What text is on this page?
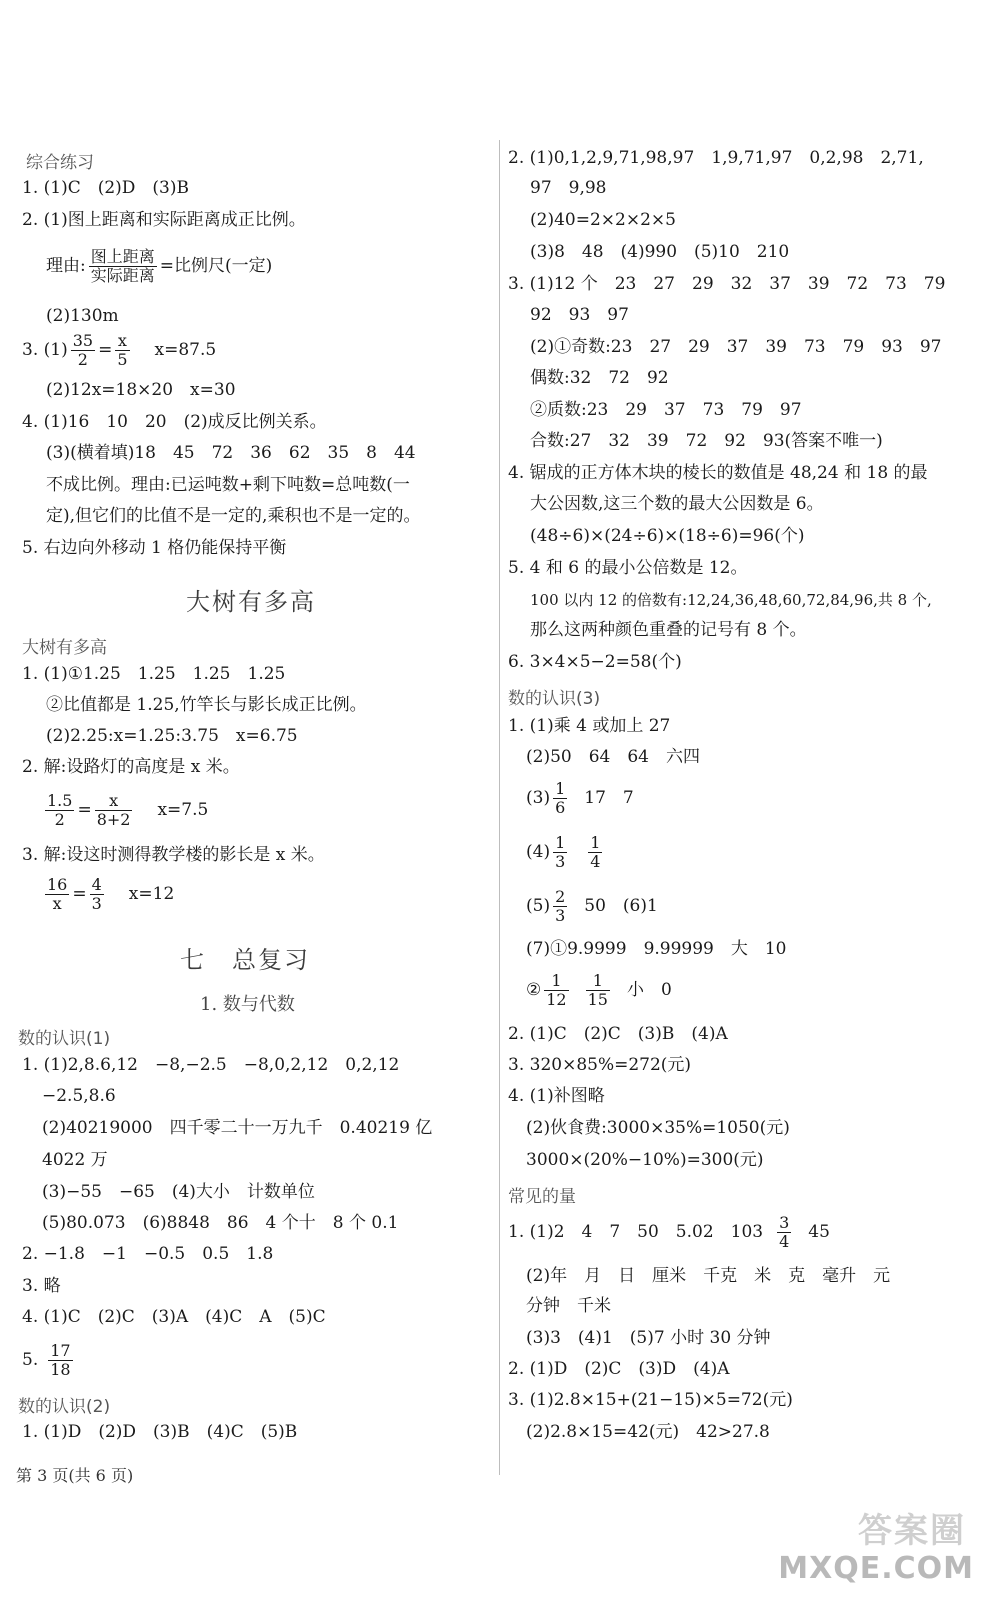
综合练习
1. (1)C　(2)D　(3)B
2. (1)图上距离和实际距离成正比例。
理由: $\frac{\text{图上距离}}{\text{实际距离}}$ =比例尺(一定)
(2)130m
3. $(1) \frac{35}{2} = \frac{x}{5} x=87.5$
(2)12x=18×20　x=30
4. (1)16　10　20　(2)成反比例关系。
(3)(横着填)18　45　72　36　62　35　8　44
不成比例。理由:已运吨数+剩下吨数=总吨数(一
定),但它们的比值不是一定的,乘积也不是一定的。
5. 右边向外移动 1 格仍能保持平衡
大树有多高
大树有多高
1. (1)①1.25　1.25　1.25　1.25
②比值都是 1.25,竹竿长与影长成正比例。
(2)2.25:x=1.25:3.75　x=6.75
2. 解:设路灯的高度是 x 米。
$\frac{1.5}{2} = \frac{x}{8+2} x=7.5$
3. 解:设这时测得教学楼的影长是 x 米。
$\frac{16}{x} = \frac{4}{3} x=12$
七　总复习
1. 数与代数
数的认识(1)
1. (1)2,8.6,12　−8,−2.5　−8,0,2,12　0,2,12
−2.5,8.6
(2)40219000　四千零二十一万九千　0.40219 亿
4022 万
(3)−55　−65　(4)大小　计数单位
(5)80.073　(6)8848　86　4 个十　8 个 0.1
2. −1.8　−1　−0.5　0.5　1.8
3. 略
4. (1)C　(2)C　(3)A　(4)C　A　(5)C
5. $\frac{17}{18}$
数的认识(2)
1. (1)D　(2)D　(3)B　(4)C　(5)B
2. (1)0,1,2,9,71,98,97　1,9,71,97　0,2,98　2,71,
97　9,98
(2)40=2×2×2×5
(3)8　48　(4)990　(5)10　210
3. (1)12 个　23　27　29　32　37　39　72　73　79
92　93　97
(2)①奇数:23　27　29　37　39　73　79　93　97
偶数:32　72　92
②质数:23　29　37　73　79　97
合数:27　32　39　72　92　93(答案不唯一)
4. 锯成的正方体木块的棱长的数值是 48,24 和 18 的最
大公因数,这三个数的最大公因数是 6。
(48÷6)×(24÷6)×(18÷6)=96(个)
5. 4 和 6 的最小公倍数是 12。
100 以内 12 的倍数有:12,24,36,48,60,72,84,96,共 8 个,
那么这两种颜色重叠的记号有 8 个。
6. 3×4×5−2=58(个)
数的认识(3)
1. (1)乘 4 或加上 27
(2)50　64　64　六四
$(3) \frac{1}{6} 17$　7
$(4) \frac{1}{3} \frac{1}{4}$
$(5) \frac{2}{3} 50$　(6)1
(7)①9.9999　9.99999　大　10
② $\frac{1}{12} \frac{1}{15}$ 小　0
2. (1)C　(2)C　(3)B　(4)A
3. 320×85%=272(元)
4. (1)补图略
(2)伙食费:3000×35%=1050(元)
3000×(20%−10%)=300(元)
常见的量
1. (1)2　4　7　50　5.02　$103 \frac{3}{4} 45$
(2)年　月　日　厘米　千克　米　克　毫升　元
分钟　千米
(3)3　(4)1　(5)7 小时 30 分钟
2. (1)D　(2)C　(3)D　(4)A
3. (1)2.8×15+(21−15)×5=72(元)
(2)2.8×15=42(元)　42>27.8
第 3 页(共 6 页)
答案圈
MXQE.COM
